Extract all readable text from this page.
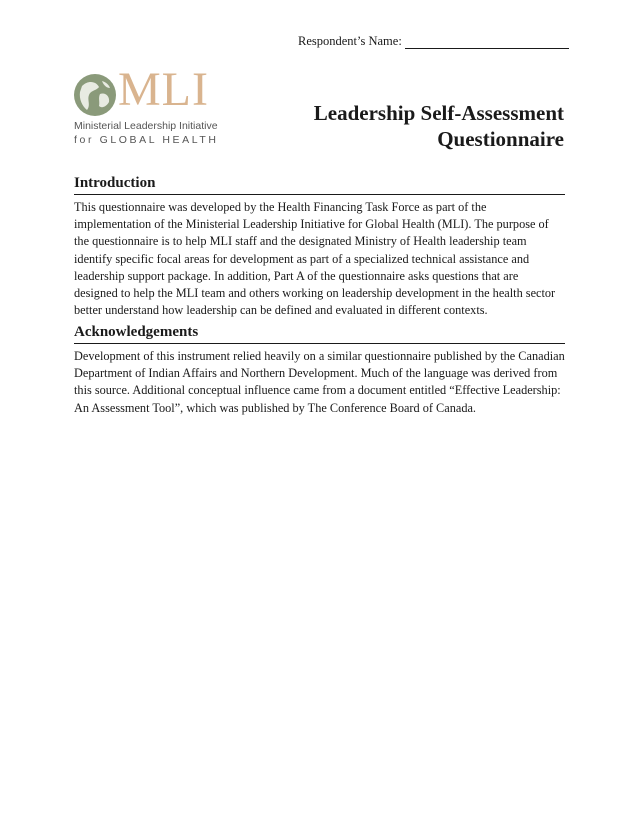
Respondent’s Name:
MLI
Ministerial Leadership Initiative
for GLOBAL HEALTH
Leadership Self-Assessment
Questionnaire
Introduction

This questionnaire was developed by the Health Financing Task Force as part of the implementation of the Ministerial Leadership Initiative for Global Health (MLI). The purpose of the questionnaire is to help MLI staff and the designated Ministry of Health leadership team identify specific focal areas for development as part of a specialized technical assistance and leadership support package. In addition, Part A of the questionnaire asks questions that are designed to help the MLI team and others working on leadership development in the health sector better understand how leadership can be defined and evaluated in different contexts.

Acknowledgements

Development of this instrument relied heavily on a similar questionnaire published by the Canadian Department of Indian Affairs and Northern Development. Much of the language was derived from this source. Additional conceptual influence came from a document entitled “Effective Leadership: An Assessment Tool”, which was published by The Conference Board of Canada.
